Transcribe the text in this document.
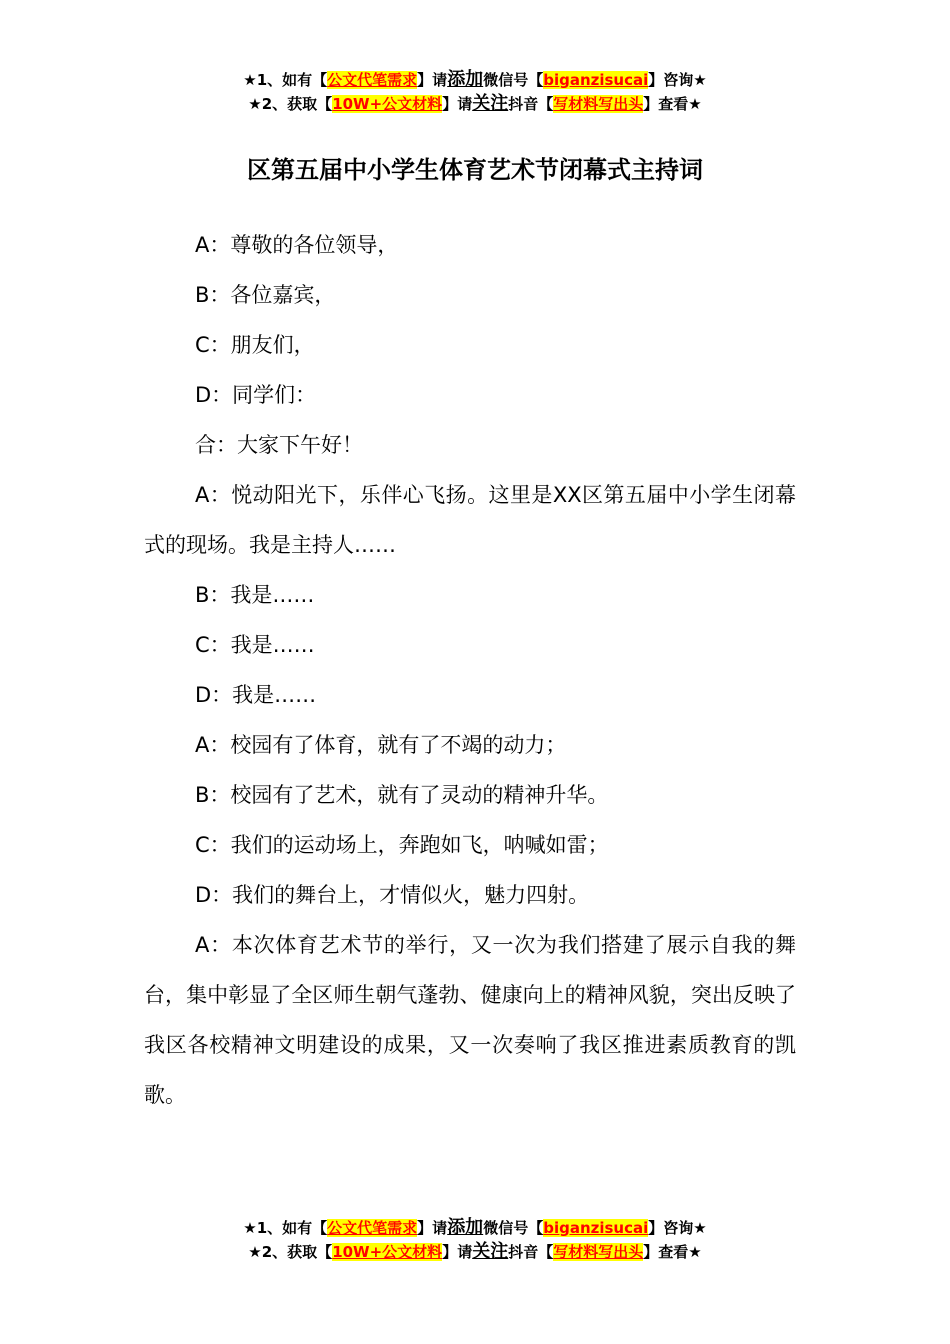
★1、如有【公文代笔需求】请添加微信号【biganzisucai】咨询★
★2、获取【10W+公文材料】请关注抖音【写材料写出头】查看★
区第五届中小学生体育艺术节闭幕式主持词

A：尊敬的各位领导，

B：各位嘉宾，

C：朋友们，

D：同学们：

合：大家下午好！

A：悦动阳光下，乐伴心飞扬。这里是XX区第五届中小学生闭幕式的现场。我是主持人……

B：我是……

C：我是……

D：我是……

A：校园有了体育，就有了不竭的动力；

B：校园有了艺术，就有了灵动的精神升华。

C：我们的运动场上，奔跑如飞，呐喊如雷；

D：我们的舞台上，才情似火，魅力四射。

A：本次体育艺术节的举行，又一次为我们搭建了展示自我的舞台，集中彰显了全区师生朝气蓬勃、健康向上的精神风貌，突出反映了我区各校精神文明建设的成果，又一次奏响了我区推进素质教育的凯歌。

★1、如有【公文代笔需求】请添加微信号【biganzisucai】咨询★
★2、获取【10W+公文材料】请关注抖音【写材料写出头】查看★
